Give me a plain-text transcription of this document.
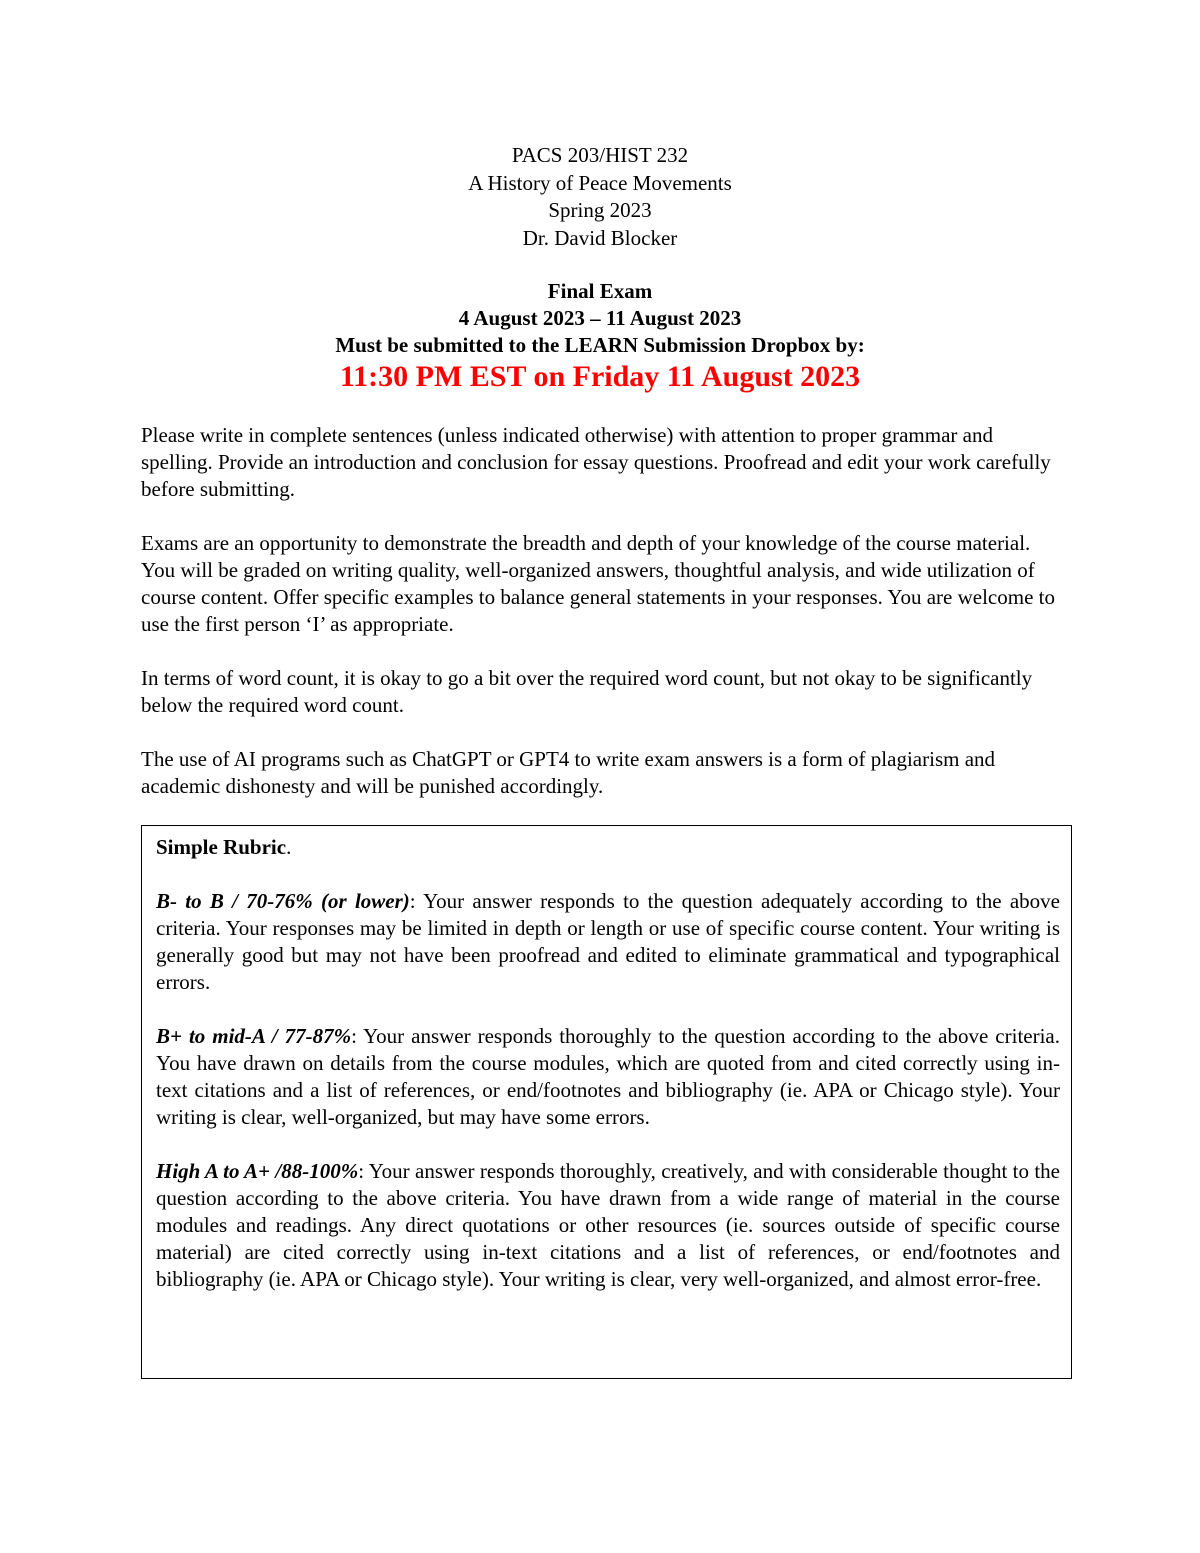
PACS 203/HIST 232
A History of Peace Movements
Spring 2023
Dr. David Blocker
Final Exam
4 August 2023 – 11 August 2023
Must be submitted to the LEARN Submission Dropbox by:
11:30 PM EST on Friday 11 August 2023

Please write in complete sentences (unless indicated otherwise) with attention to proper grammar and spelling. Provide an introduction and conclusion for essay questions. Proofread and edit your work carefully before submitting.

Exams are an opportunity to demonstrate the breadth and depth of your knowledge of the course material. You will be graded on writing quality, well-organized answers, thoughtful analysis, and wide utilization of course content. Offer specific examples to balance general statements in your responses. You are welcome to use the first person ‘I’ as appropriate.

In terms of word count, it is okay to go a bit over the required word count, but not okay to be significantly below the required word count.

The use of AI programs such as ChatGPT or GPT4 to write exam answers is a form of plagiarism and academic dishonesty and will be punished accordingly.

Simple Rubric.

B- to B / 70-76% (or lower): Your answer responds to the question adequately according to the above criteria. Your responses may be limited in depth or length or use of specific course content. Your writing is generally good but may not have been proofread and edited to eliminate grammatical and typographical errors.

B+ to mid-A / 77-87%: Your answer responds thoroughly to the question according to the above criteria. You have drawn on details from the course modules, which are quoted from and cited correctly using in-text citations and a list of references, or end/footnotes and bibliography (ie. APA or Chicago style). Your writing is clear, well-organized, but may have some errors.

High A to A+ /88-100%: Your answer responds thoroughly, creatively, and with considerable thought to the question according to the above criteria. You have drawn from a wide range of material in the course modules and readings. Any direct quotations or other resources (ie. sources outside of specific course material) are cited correctly using in-text citations and a list of references, or end/footnotes and bibliography (ie. APA or Chicago style). Your writing is clear, very well-organized, and almost error-free.
